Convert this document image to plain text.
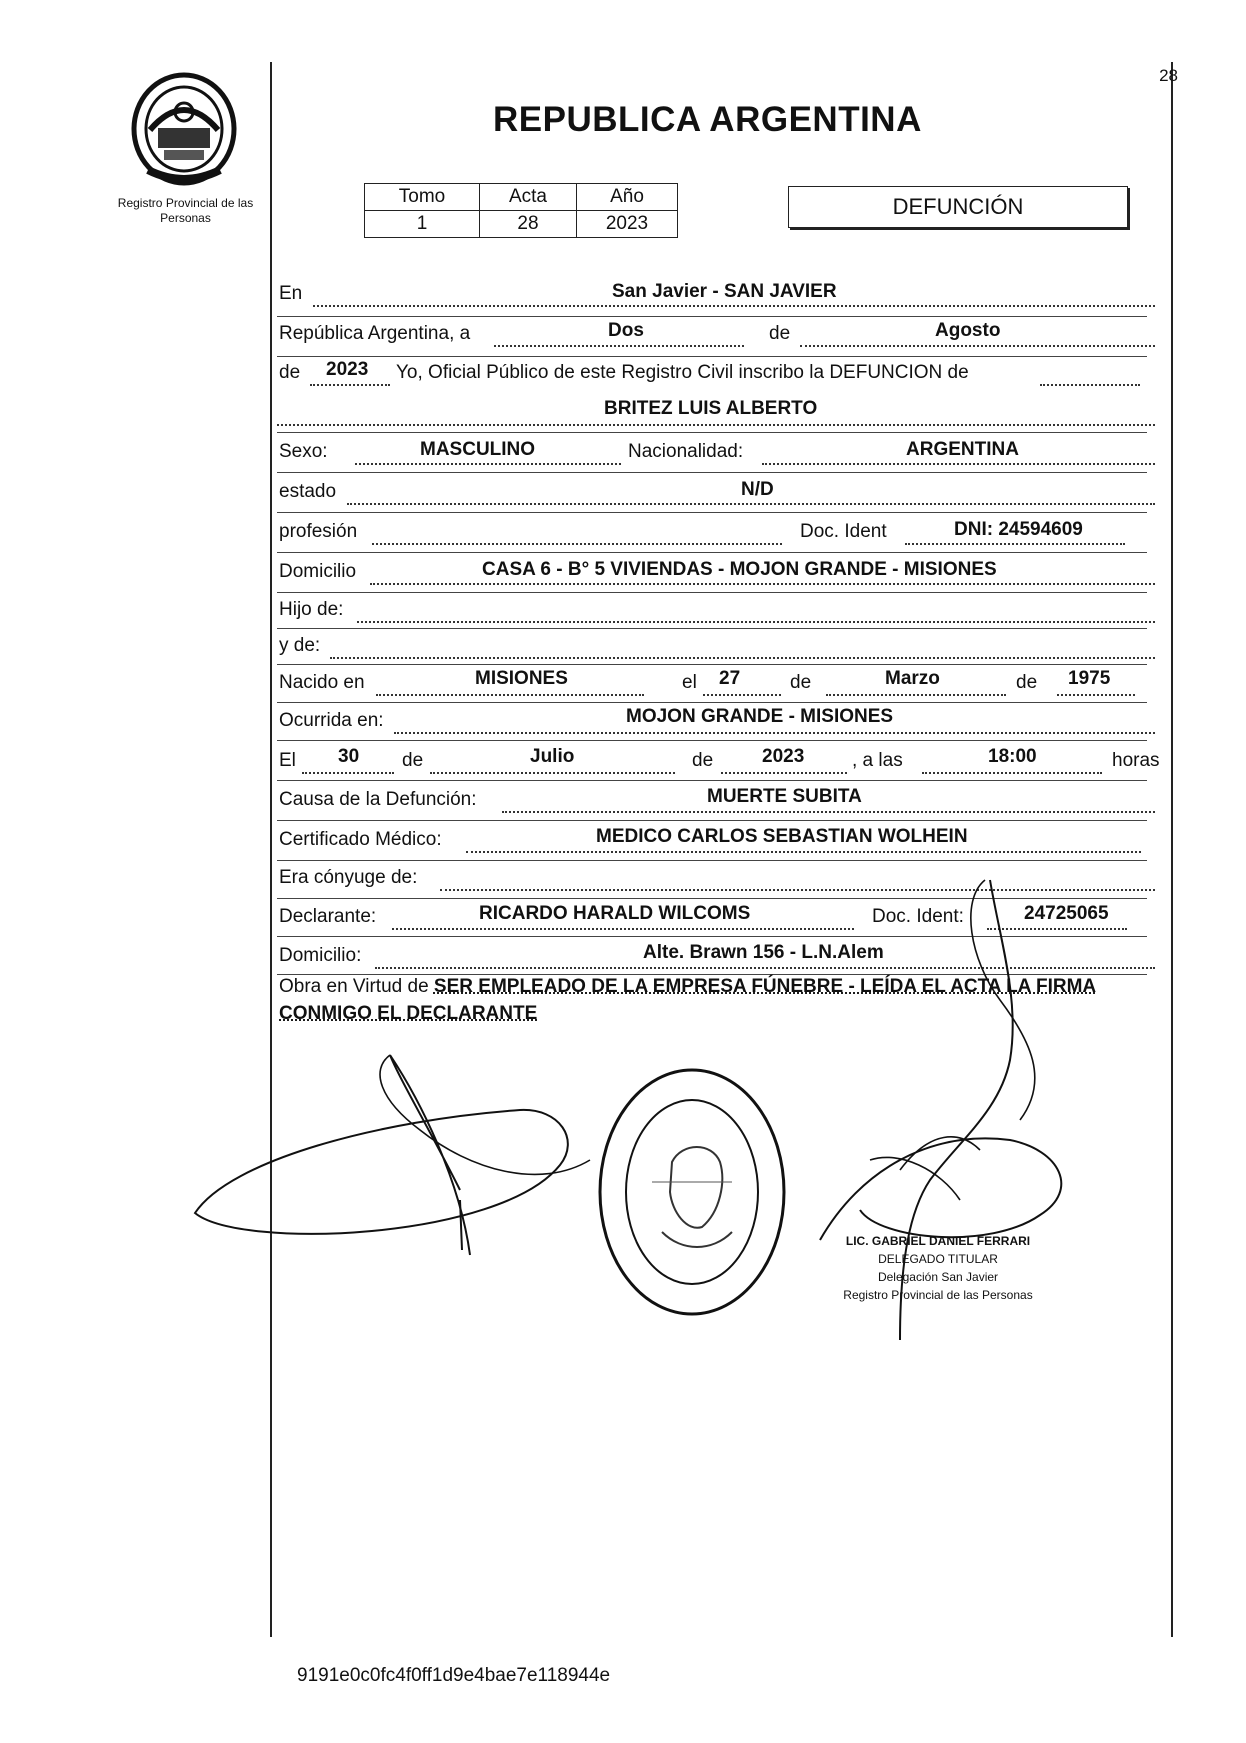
28
Registro Provincial de las Personas
REPUBLICA ARGENTINA
Tomo	Acta	Año
1	28	2023
DEFUNCIÓN
En	San Javier - SAN JAVIER
República Argentina, a	Dos	de	Agosto
de 2023 Yo, Oficial Público de este Registro Civil inscribo la DEFUNCION de
BRITEZ LUIS ALBERTO
Sexo:	MASCULINO	Nacionalidad:	ARGENTINA
estado	N/D
profesión	Doc. Ident	DNI: 24594609
Domicilio	CASA 6 - B° 5 VIVIENDAS - MOJON GRANDE - MISIONES
Hijo de:
y de:
Nacido en	MISIONES	el 27	de	Marzo	de 1975
Ocurrida en:	MOJON GRANDE - MISIONES
El 30 de	Julio	de	2023	, a las	18:00	horas
Causa de la Defunción:	MUERTE SUBITA
Certificado Médico:	MEDICO CARLOS SEBASTIAN WOLHEIN
Era cónyuge de:
Declarante:	RICARDO HARALD WILCOMS	Doc. Ident:	24725065
Domicilio:	Alte. Brawn 156 - L.N.Alem
Obra en Virtud de SER EMPLEADO DE LA EMPRESA FÚNEBRE - LEÍDA EL ACTA LA FIRMA CONMIGO EL DECLARANTE
LIC. GABRIEL DANIEL FERRARI
DELEGADO TITULAR
Delegación San Javier
Registro Provincial de las Personas
9191e0c0fc4f0ff1d9e4bae7e118944e
